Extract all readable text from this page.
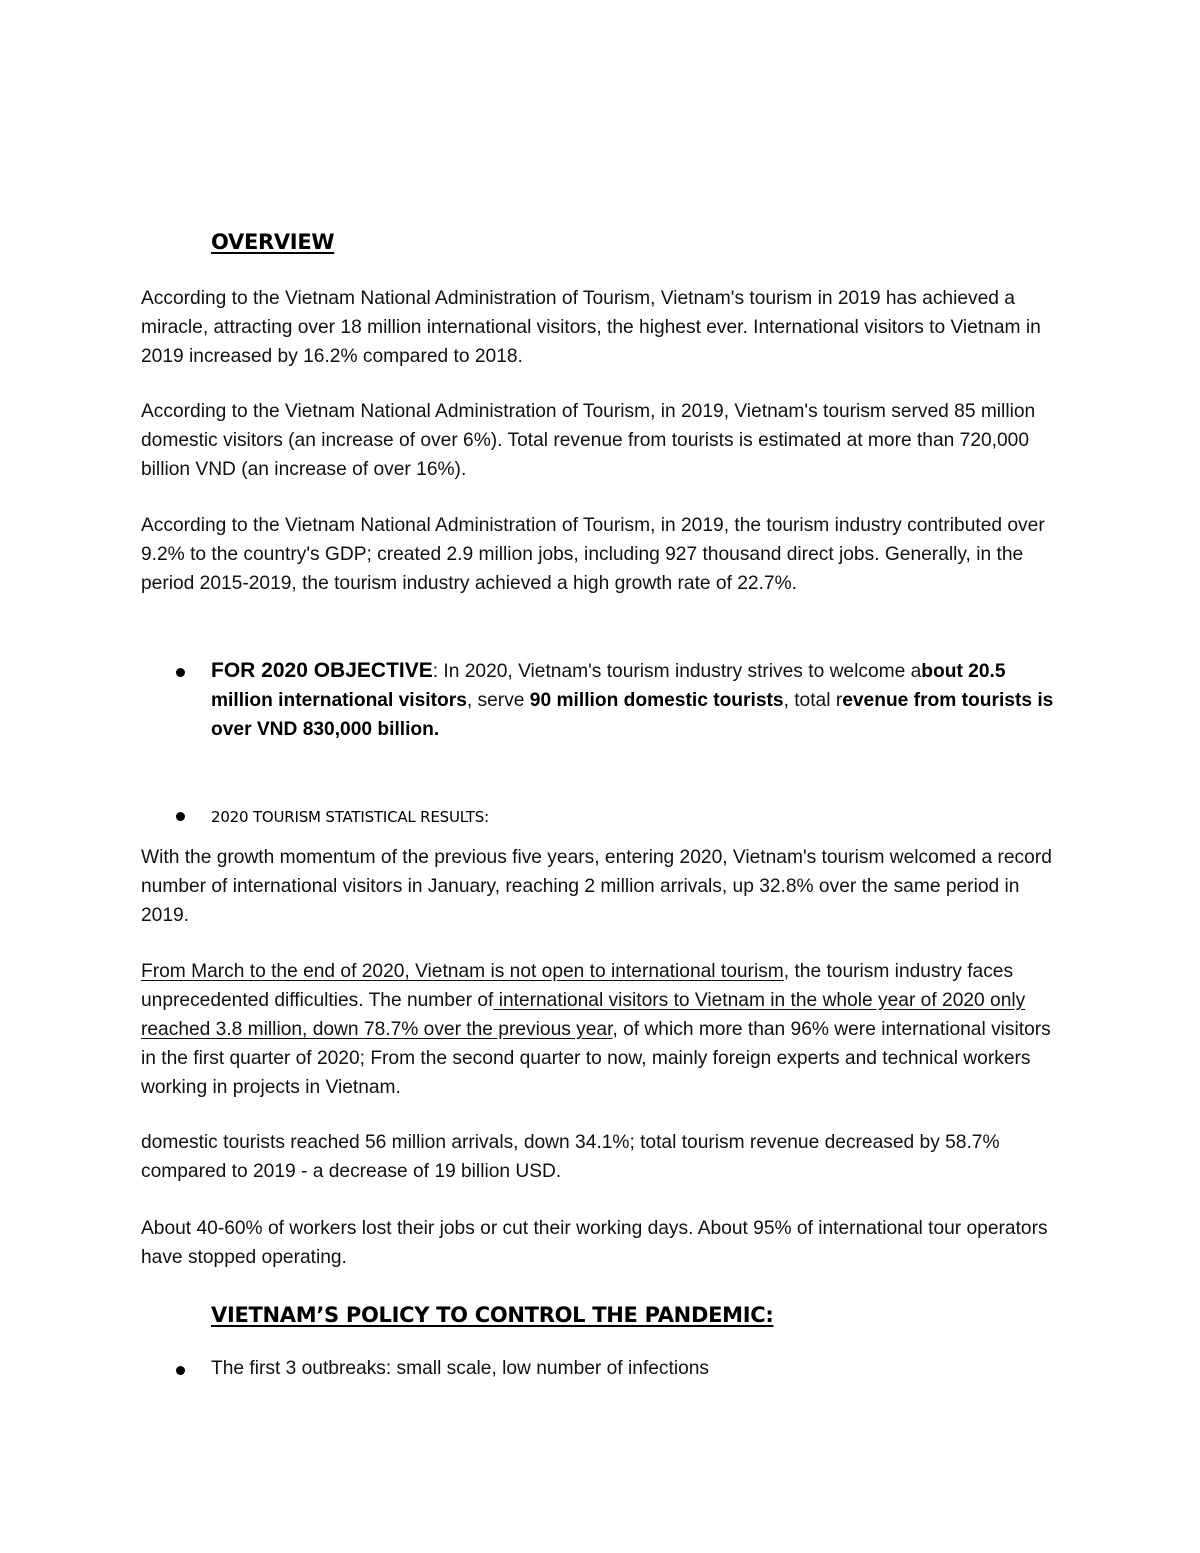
OVERVIEW
According to the Vietnam National Administration of Tourism, Vietnam's tourism in 2019 has achieved a miracle, attracting over 18 million international visitors, the highest ever. International visitors to Vietnam in 2019 increased by 16.2% compared to 2018.
According to the Vietnam National Administration of Tourism, in 2019, Vietnam's tourism served 85 million domestic visitors (an increase of over 6%). Total revenue from tourists is estimated at more than 720,000 billion VND (an increase of over 16%).
According to the Vietnam National Administration of Tourism, in 2019, the tourism industry contributed over 9.2% to the country's GDP; created 2.9 million jobs, including 927 thousand direct jobs. Generally, in the period 2015-2019, the tourism industry achieved a high growth rate of 22.7%.
FOR 2020 OBJECTIVE: In 2020, Vietnam's tourism industry strives to welcome about 20.5 million international visitors, serve 90 million domestic tourists, total revenue from tourists is over VND 830,000 billion.
2020 TOURISM STATISTICAL RESULTS:
With the growth momentum of the previous five years, entering 2020, Vietnam's tourism welcomed a record number of international visitors in January, reaching 2 million arrivals, up 32.8% over the same period in 2019.
From March to the end of 2020, Vietnam is not open to international tourism, the tourism industry faces unprecedented difficulties. The number of international visitors to Vietnam in the whole year of 2020 only reached 3.8 million, down 78.7% over the previous year, of which more than 96% were international visitors in the first quarter of 2020; From the second quarter to now, mainly foreign experts and technical workers working in projects in Vietnam.
domestic tourists reached 56 million arrivals, down 34.1%; total tourism revenue decreased by 58.7% compared to 2019 - a decrease of 19 billion USD.
About 40-60% of workers lost their jobs or cut their working days. About 95% of international tour operators have stopped operating.
VIETNAM’S POLICY TO CONTROL THE PANDEMIC:
The first 3 outbreaks: small scale, low number of infections
